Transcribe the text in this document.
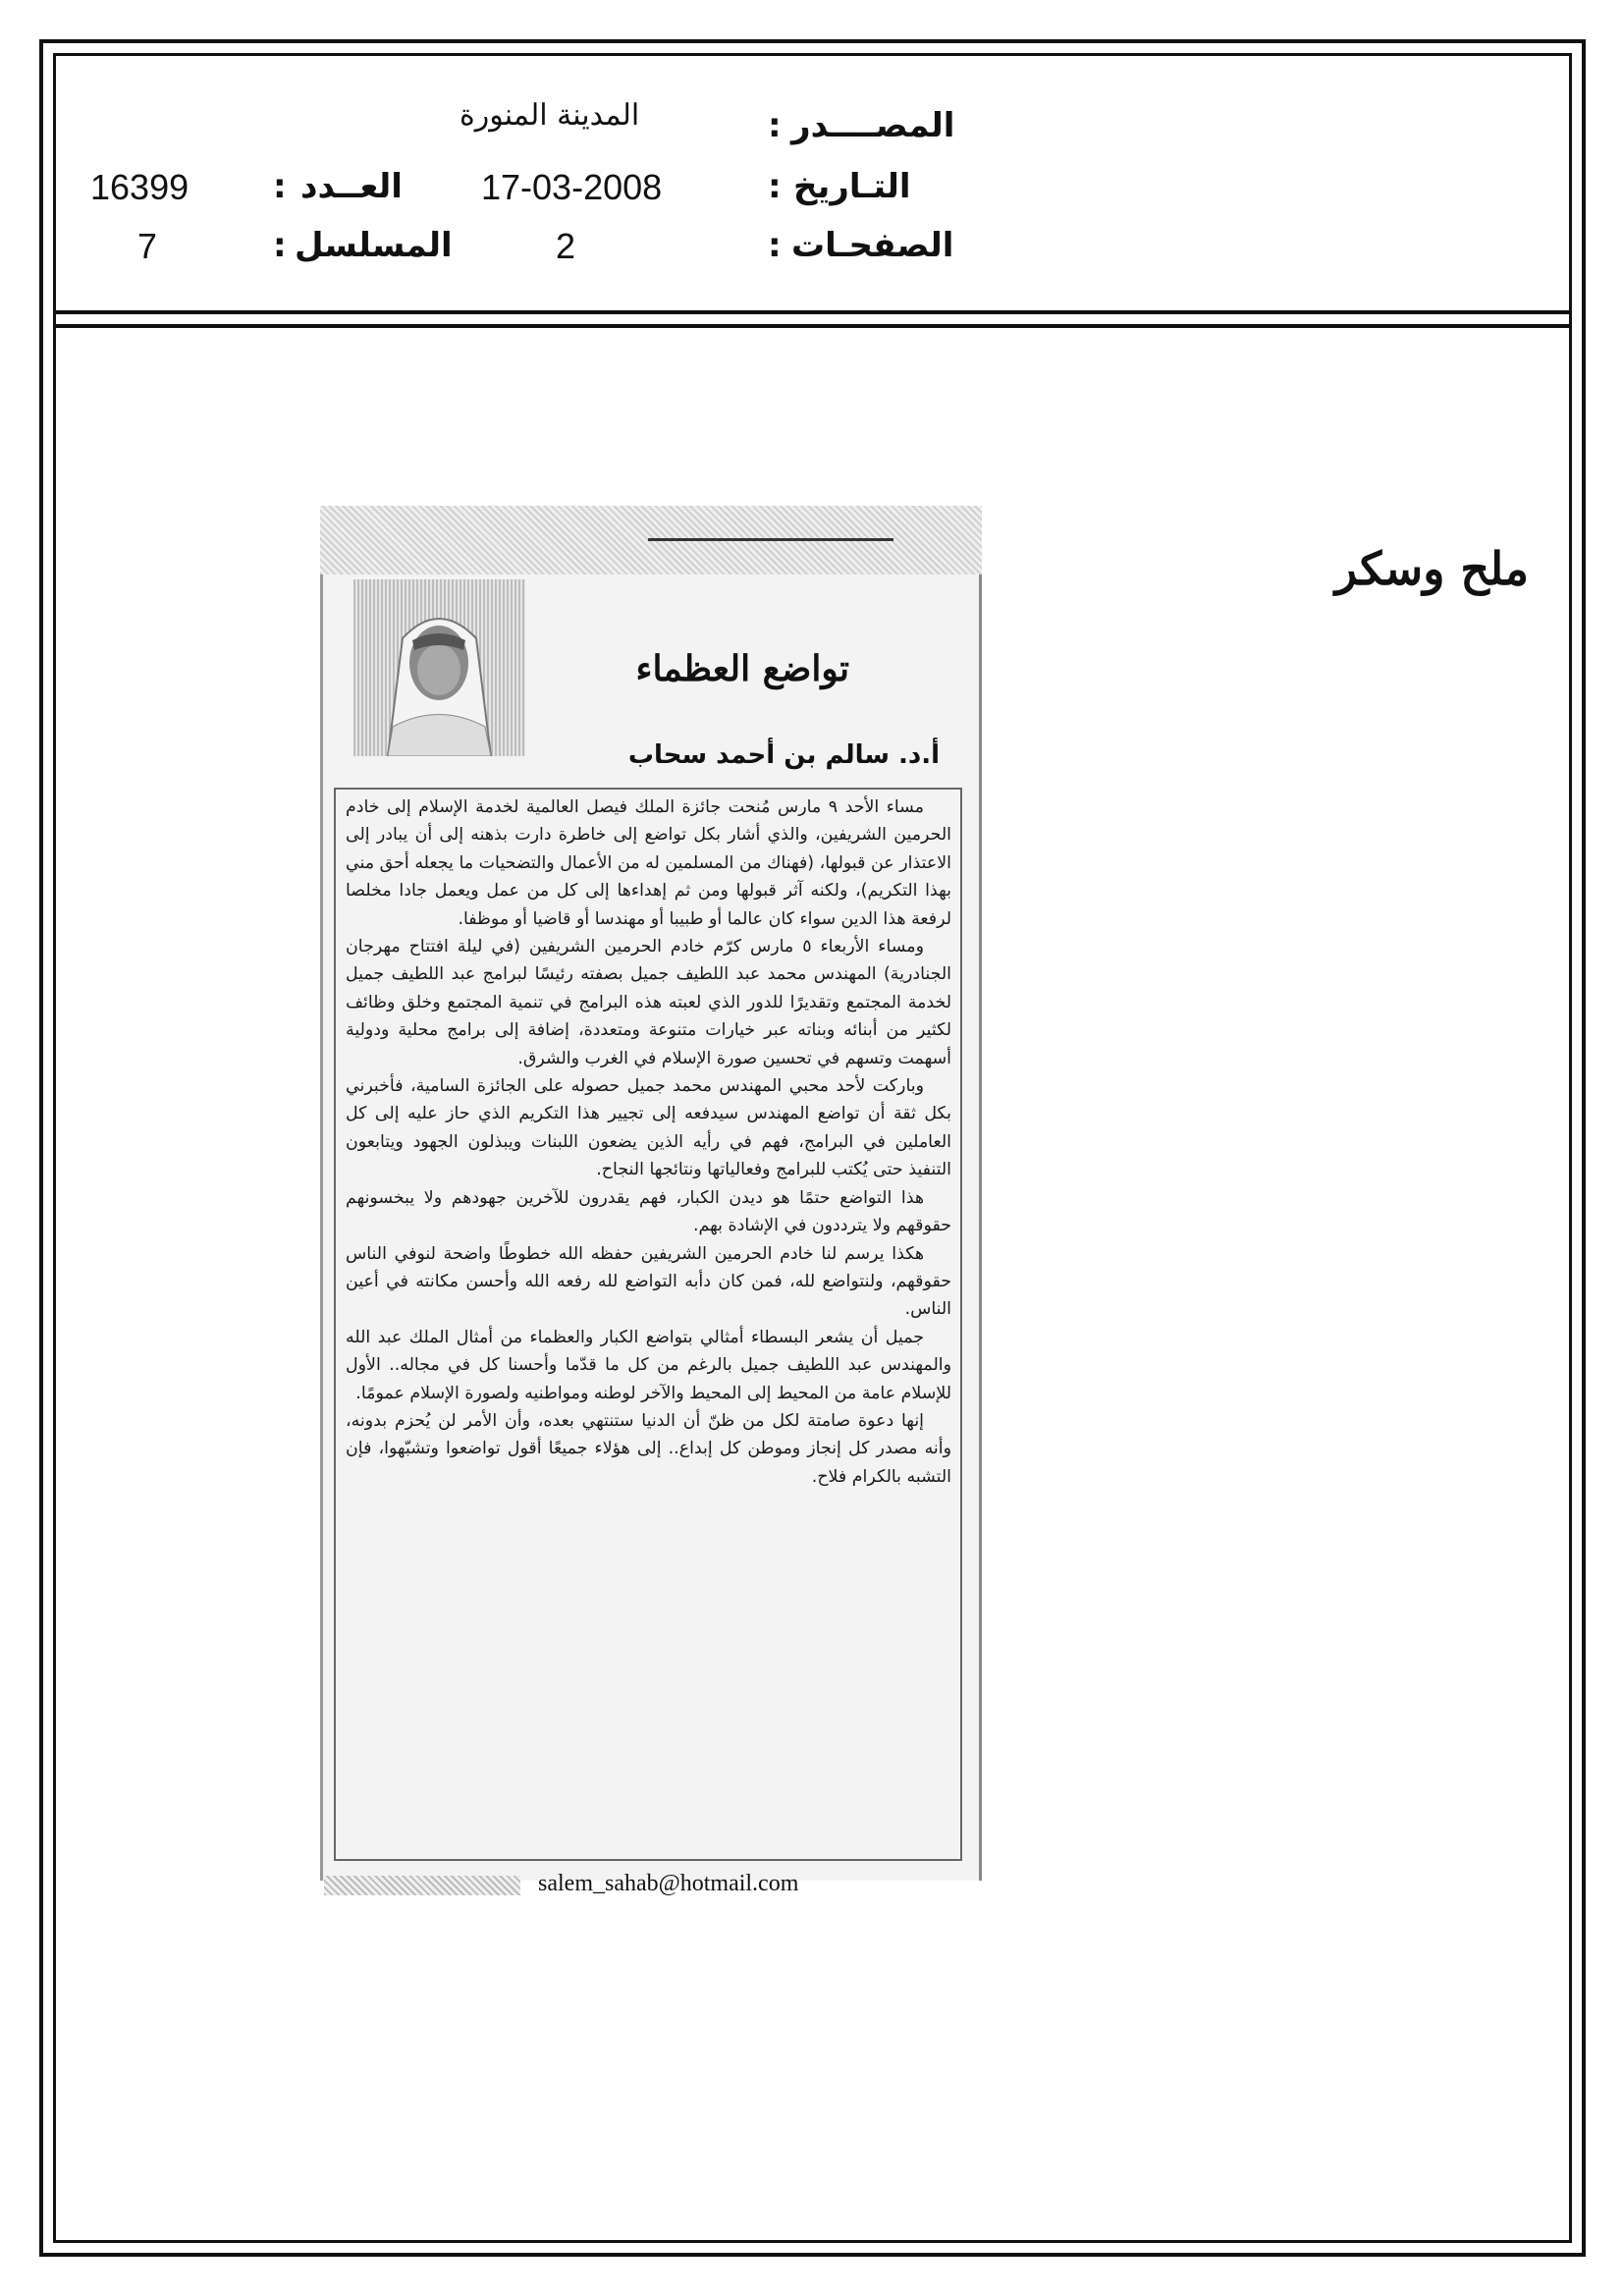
المصــــدر
:
المدينة المنورة
التـاريخ
:
17-03-2008
العــدد
:
16399
الصفحـات
:
2
المسلسل
:
7
ملح وسكر
تواضع العظماء
أ.د. سالم بن أحمد سحاب

مساء الأحد ٩ مارس مُنحت جائزة الملك فيصل العالمية لخدمة الإسلام إلى خادم الحرمين الشريفين، والذي أشار بكل تواضع إلى خاطرة دارت بذهنه إلى أن يبادر إلى الاعتذار عن قبولها، (فهناك من المسلمين له من الأعمال والتضحيات ما يجعله أحق مني بهذا التكريم)، ولكنه آثر قبولها ومن ثم إهداءها إلى كل من عمل ويعمل جادا مخلصا لرفعة هذا الدين سواء كان عالما أو طبيبا أو مهندسا أو قاضيا أو موظفا.

ومساء الأربعاء ٥ مارس كرّم خادم الحرمين الشريفين (في ليلة افتتاح مهرجان الجنادرية) المهندس محمد عبد اللطيف جميل بصفته رئيسًا لبرامج عبد اللطيف جميل لخدمة المجتمع وتقديرًا للدور الذي لعبته هذه البرامج في تنمية المجتمع وخلق وظائف لكثير من أبنائه وبناته عبر خيارات متنوعة ومتعددة، إضافة إلى برامج محلية ودولية أسهمت وتسهم في تحسين صورة الإسلام في الغرب والشرق.

وباركت لأحد محبي المهندس محمد جميل حصوله على الجائزة السامية، فأخبرني بكل ثقة أن تواضع المهندس سيدفعه إلى تجيير هذا التكريم الذي حاز عليه إلى كل العاملين في البرامج، فهم في رأيه الذين يضعون اللبنات ويبذلون الجهود ويتابعون التنفيذ حتى يُكتب للبرامج وفعالياتها ونتائجها النجاح.

هذا التواضع حتمًا هو ديدن الكبار، فهم يقدرون للآخرين جهودهم ولا يبخسونهم حقوقهم ولا يترددون في الإشادة بهم.

هكذا يرسم لنا خادم الحرمين الشريفين حفظه الله خطوطًا واضحة لنوفي الناس حقوقهم، ولنتواضع لله، فمن كان دأبه التواضع لله رفعه الله وأحسن مكانته في أعين الناس.

جميل أن يشعر البسطاء أمثالي بتواضع الكبار والعظماء من أمثال الملك عبد الله والمهندس عبد اللطيف جميل بالرغم من كل ما قدّما وأحسنا كل في مجاله.. الأول للإسلام عامة من المحيط إلى المحيط والآخر لوطنه ومواطنيه ولصورة الإسلام عمومًا.

إنها دعوة صامتة لكل من ظنّ أن الدنيا ستنتهي بعده، وأن الأمر لن يُحزم بدونه، وأنه مصدر كل إنجاز وموطن كل إبداع.. إلى هؤلاء جميعًا أقول تواضعوا وتشبّهوا، فإن التشبه بالكرام فلاح.

salem_sahab@hotmail.com
